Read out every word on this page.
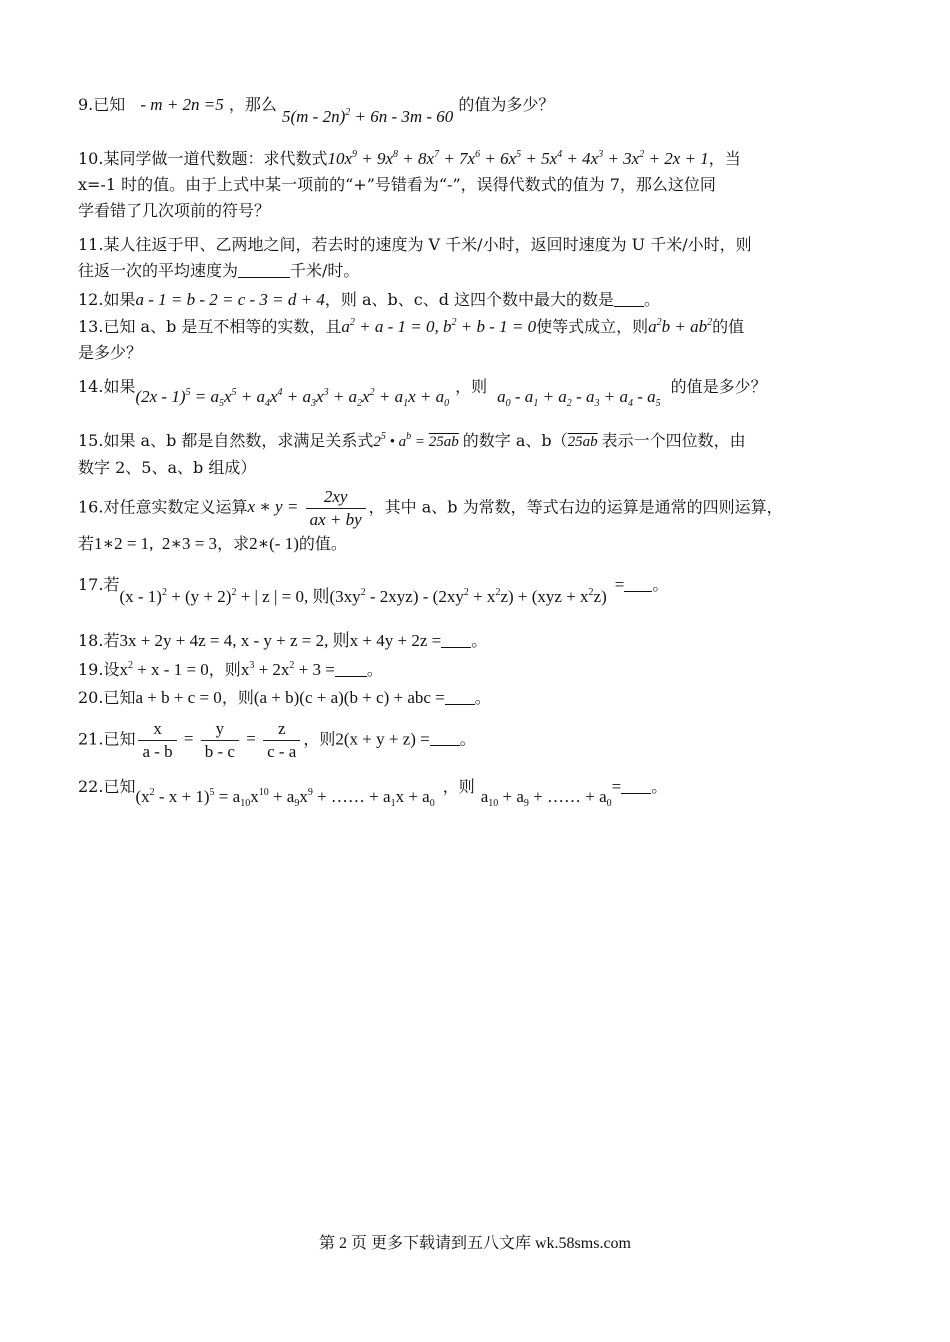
9.已知 - m + 2n =5 ，那么 5(m - 2n)$^2$ + 6n - 3m - 60 的值为多少？
10.某同学做一道代数题：求代数式$10x^9 + 9x^8 + 8x^7 + 7x^6 + 6x^5 + 5x^4 + 4x^3 + 3x^2 + 2x + 1$，当
x=-1 时的值。由于上式中某一项前的“+”号错看为“-”，误得代数式的值为 7，那么这位同
学看错了几次项前的符号？
11.某人往返于甲、乙两地之间，若去时的速度为 V 千米/小时，返回时速度为 U 千米/小时，则
往返一次的平均速度为	千米/时。
12.如果a - 1 = b - 2 = c - 3 = d + 4，则 a、b、c、d 这四个数中最大的数是 。
13.已知 a、b 是互不相等的实数，且$a^2 + a - 1 = 0$, $b^2 + b - 1 = 0$使等式成立，则$a^2b + ab^2$的值
是多少？
14.如果$(2x - 1)^5 = a_5x^5 + a_4x^4 + a_3x^3 + a_2x^2 + a_1x + a_0$，则$a_0 - a_1 + a_2 - a_3 + a_4 - a_5$的值是多少？
15.如果 a、b 都是自然数，求满足关系式$2^5$ • $a^b = 25ab$ 的数字 a、b（25ab 表示一个四位数，由
数字 2、5、a、b 组成）
16.对任意实数定义运算x ∗ $y = \frac{2xy}{ax + by}$ ，其中 a、b 为常数，等式右边的运算是通常的四则运算，
若1∗2 = 1,  2∗3 = 3，求2∗(- 1)的值。
17.若$(x - 1)^2 + (y + 2)^2$ + | z | = 0, 则$(3xy^2 - 2xyz) - (2xy^2 + x^2z) + (xyz + x^2z)=$ 。
18.若3x + 2y + 4z = 4, x - y + z = 2, 则x + 4y + 2z = 。
19.设$x^2 + x - 1 = 0$，则$x^3 + 2x^2 + 3$ = 。
20.已知a + b + c = 0，则(a + b)(c + a)(b + c) + abc = 。
21.已知 $\frac{x}{a - b} = \frac{y}{b - c} = \frac{z}{c - a}$ ，则2(x + y + z) = 。
22.已知$(x^2 - x + 1)^5 = a_{10}x^{10} + a_9x^9$ + …… + $a_1x + a_0$，则$a_{10} + a_9$ + …… + $a_0=$ 。
第 2 页 更多下载请到五八文库 wk.58sms.com
